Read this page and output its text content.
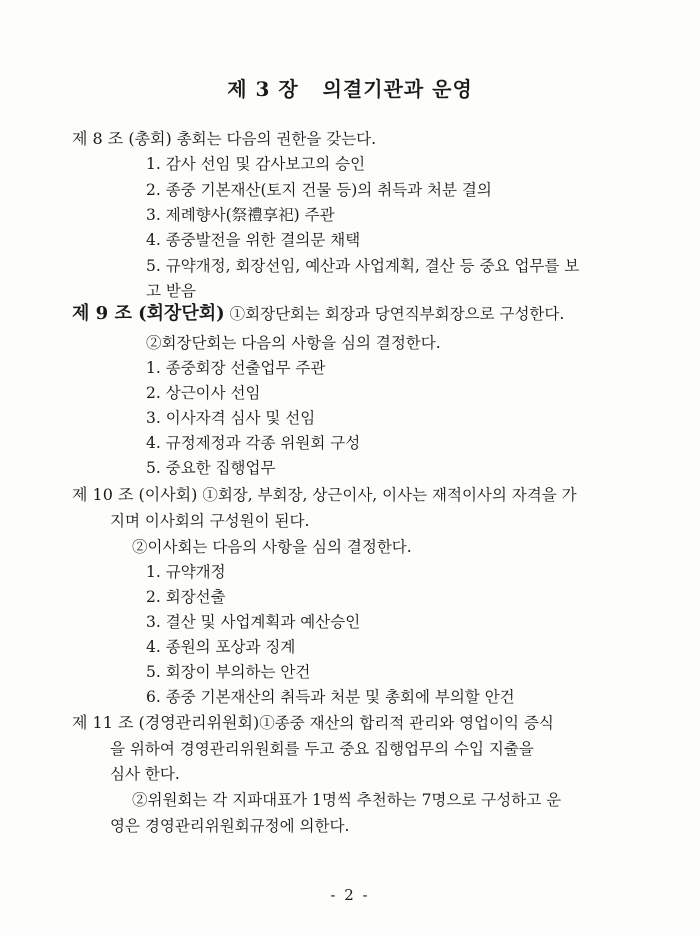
제 3 장   의결기관과 운영
제 8 조 (총회) 총회는 다음의 권한을 갖는다.
1. 감사 선임 및 감사보고의 승인
2. 종중 기본재산(토지 건물 등)의 취득과 처분 결의
3. 제례향사(祭禮享祀) 주관
4. 종중발전을 위한 결의문 채택
5. 규약개정, 회장선임, 예산과 사업계획, 결산 등 중요 업무를 보
고 받음
제 9 조 (회장단회) ①회장단회는 회장과 당연직부회장으로 구성한다.
②회장단회는 다음의 사항을 심의 결정한다.
1. 종중회장 선출업무 주관
2. 상근이사 선임
3. 이사자격 심사 및 선임
4. 규정제정과 각종 위원회 구성
5. 중요한 집행업무
제 10 조 (이사회) ①회장, 부회장, 상근이사, 이사는 재적이사의 자격을 가
지며 이사회의 구성원이 된다.
②이사회는 다음의 사항을 심의 결정한다.
1. 규약개정
2. 회장선출
3. 결산 및 사업계획과 예산승인
4. 종원의 포상과 징계
5. 회장이 부의하는 안건
6. 종중 기본재산의 취득과 처분 및 총회에 부의할 안건
제 11 조 (경영관리위원회)①종중 재산의 합리적 관리와 영업이익 증식
을 위하여 경영관리위원회를 두고 중요 집행업무의 수입 지출을
심사 한다.
②위원회는 각 지파대표가 1명씩 추천하는 7명으로 구성하고 운
영은 경영관리위원회규정에 의한다.
- 2 -
